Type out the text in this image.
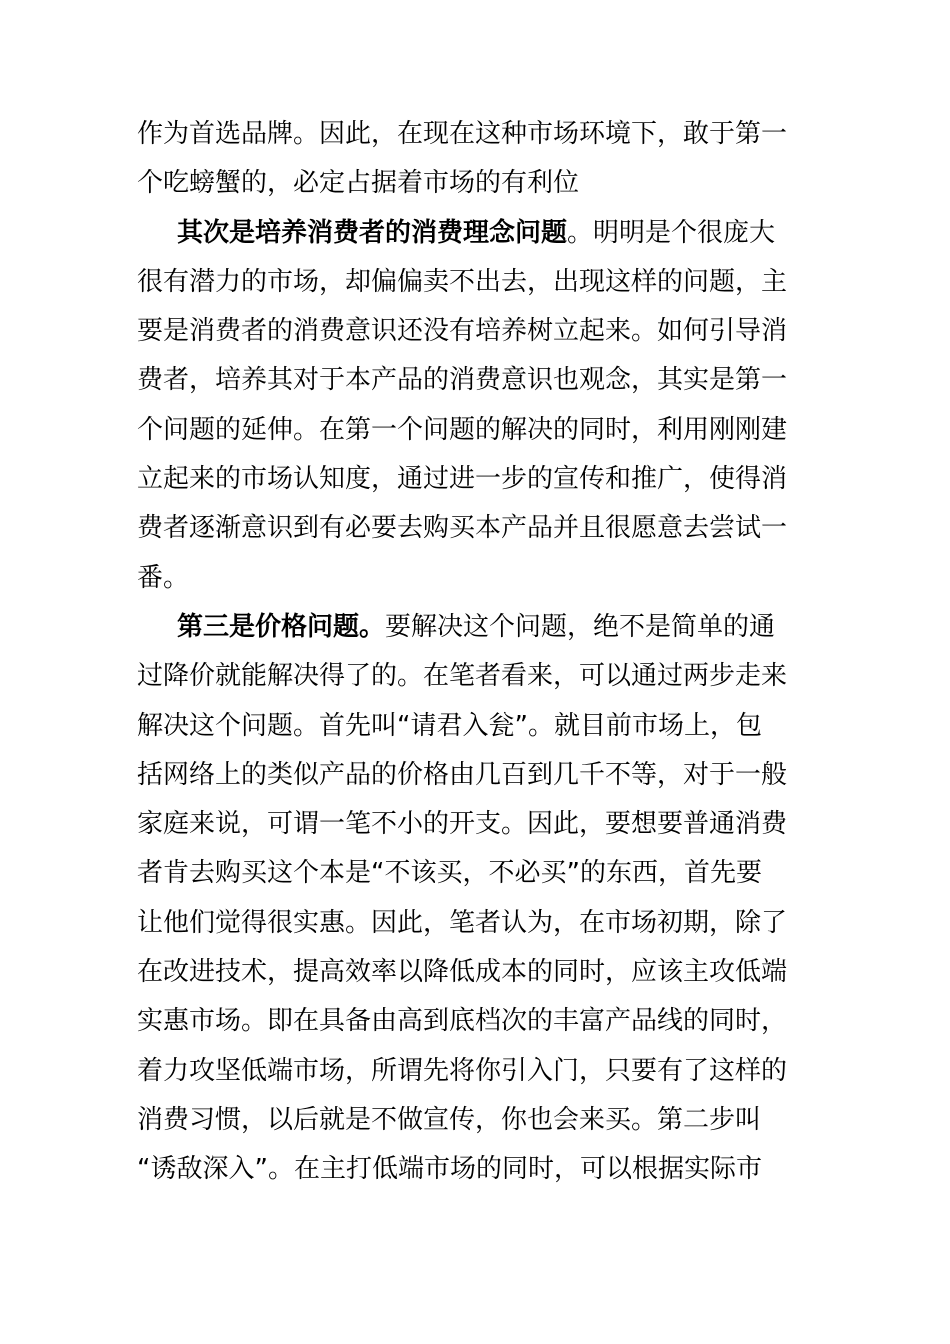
作为首选品牌。因此，在现在这种市场环境下，敢于第一
个吃螃蟹的，必定占据着市场的有利位

其次是培养消费者的消费理念问题。明明是个很庞大
很有潜力的市场，却偏偏卖不出去，出现这样的问题，主
要是消费者的消费意识还没有培养树立起来。如何引导消
费者，培养其对于本产品的消费意识也观念，其实是第一
个问题的延伸。在第一个问题的解决的同时，利用刚刚建
立起来的市场认知度，通过进一步的宣传和推广，使得消
费者逐渐意识到有必要去购买本产品并且很愿意去尝试一
番。

第三是价格问题。要解决这个问题，绝不是简单的通
过降价就能解决得了的。在笔者看来，可以通过两步走来
解决这个问题。首先叫“请君入瓮”。就目前市场上，包
括网络上的类似产品的价格由几百到几千不等，对于一般
家庭来说，可谓一笔不小的开支。因此，要想要普通消费
者肯去购买这个本是“不该买，不必买”的东西，首先要
让他们觉得很实惠。因此，笔者认为，在市场初期，除了
在改进技术，提高效率以降低成本的同时，应该主攻低端
实惠市场。即在具备由高到底档次的丰富产品线的同时，
着力攻坚低端市场，所谓先将你引入门，只要有了这样的
消费习惯，以后就是不做宣传，你也会来买。第二步叫
“诱敌深入”。在主打低端市场的同时，可以根据实际市
